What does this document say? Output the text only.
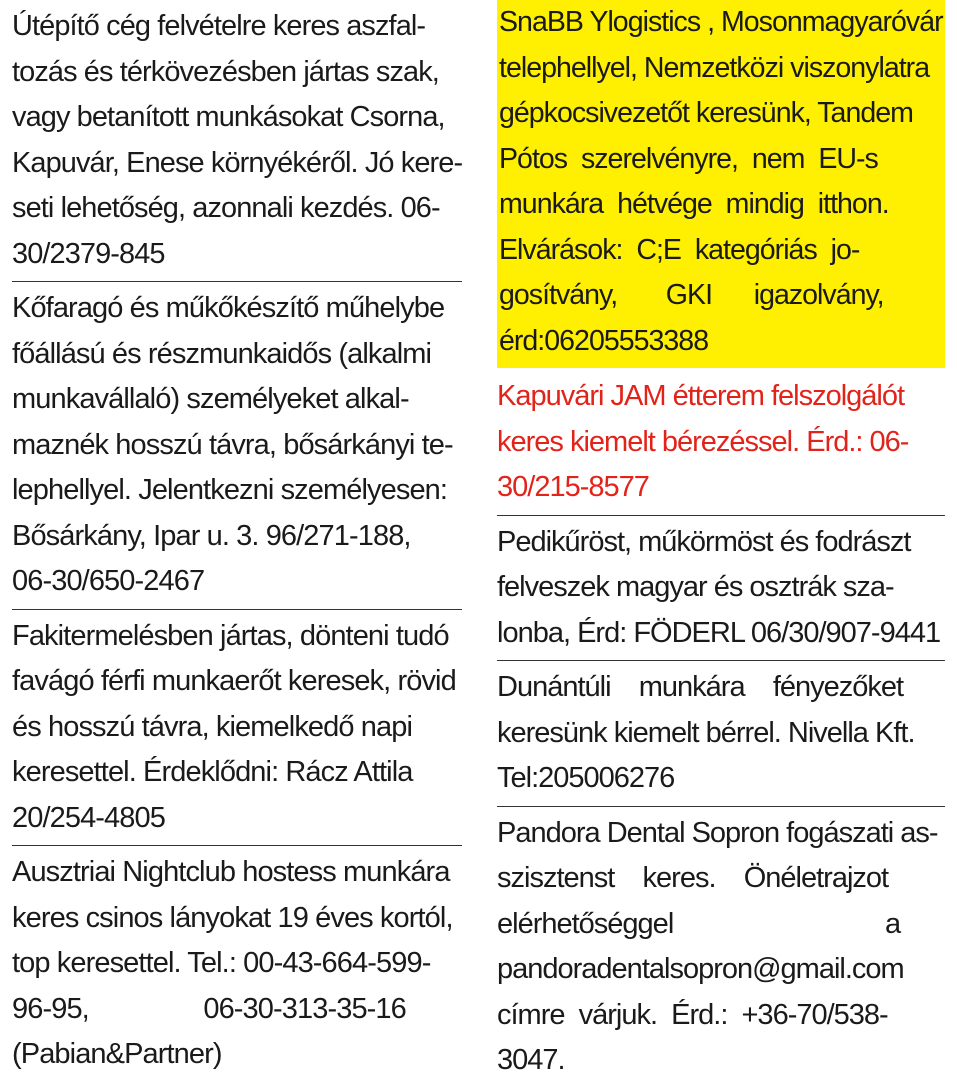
Útépítő cég felvételre keres aszfal-
tozás és térkövezésben jártas szak,
vagy betanított munkásokat Csorna,
Kapuvár, Enese környékéről. Jó kere-
seti lehetőség, azonnali kezdés. 06-
30/2379-845
Kőfaragó és műkőkészítő műhelybe
főállású és részmunkaidős (alkalmi
munkavállaló) személyeket alkal-
maznék hosszú távra, bősárkányi te-
lephellyel. Jelentkezni személyesen:
Bősárkány, Ipar u. 3. 96/271-188,
06-30/650-2467
Fakitermelésben jártas, dönteni tudó
favágó férfi munkaerőt keresek, rövid
és hosszú távra, kiemelkedő napi
keresettel. Érdeklődni: Rácz Attila
20/254-4805
Ausztriai Nightclub hostess munkára
keres csinos lányokat 19 éves kortól,
top keresettel. Tel.: 00-43-664-599-
96-95,                06-30-313-35-16
(Pabian&Partner)
SnaBB Ylogistics , Mosonmagyaróvár
telephellyel, Nemzetközi viszonylatra
gépkocsivezetőt keresünk, Tandem
Pótos  szerelvényre,  nem  EU-s
munkára  hétvége  mindig  itthon.
Elvárások:  C;E  kategóriás  jo-
gosítvány,       GKI      igazolvány,
érd:06205553388
Kapuvári JAM étterem felszolgálót
keres kiemelt bérezéssel. Érd.: 06-
30/215-8577
Pedikűröst, műkörmöst és fodrászt
felveszek magyar és osztrák sza-
lonba, Érd: FÖDERL 06/30/907-9441
Dunántúli    munkára    fényezőket
keresünk kiemelt bérrel. Nivella Kft.
Tel:205006276
Pandora Dental Sopron fogászati as-
szisztenst    keres.    Önéletrajzot
elérhetőséggel                              a
pandoradentalsopron@gmail.com
címre  várjuk.  Érd.:  +36-70/538-
3047.
